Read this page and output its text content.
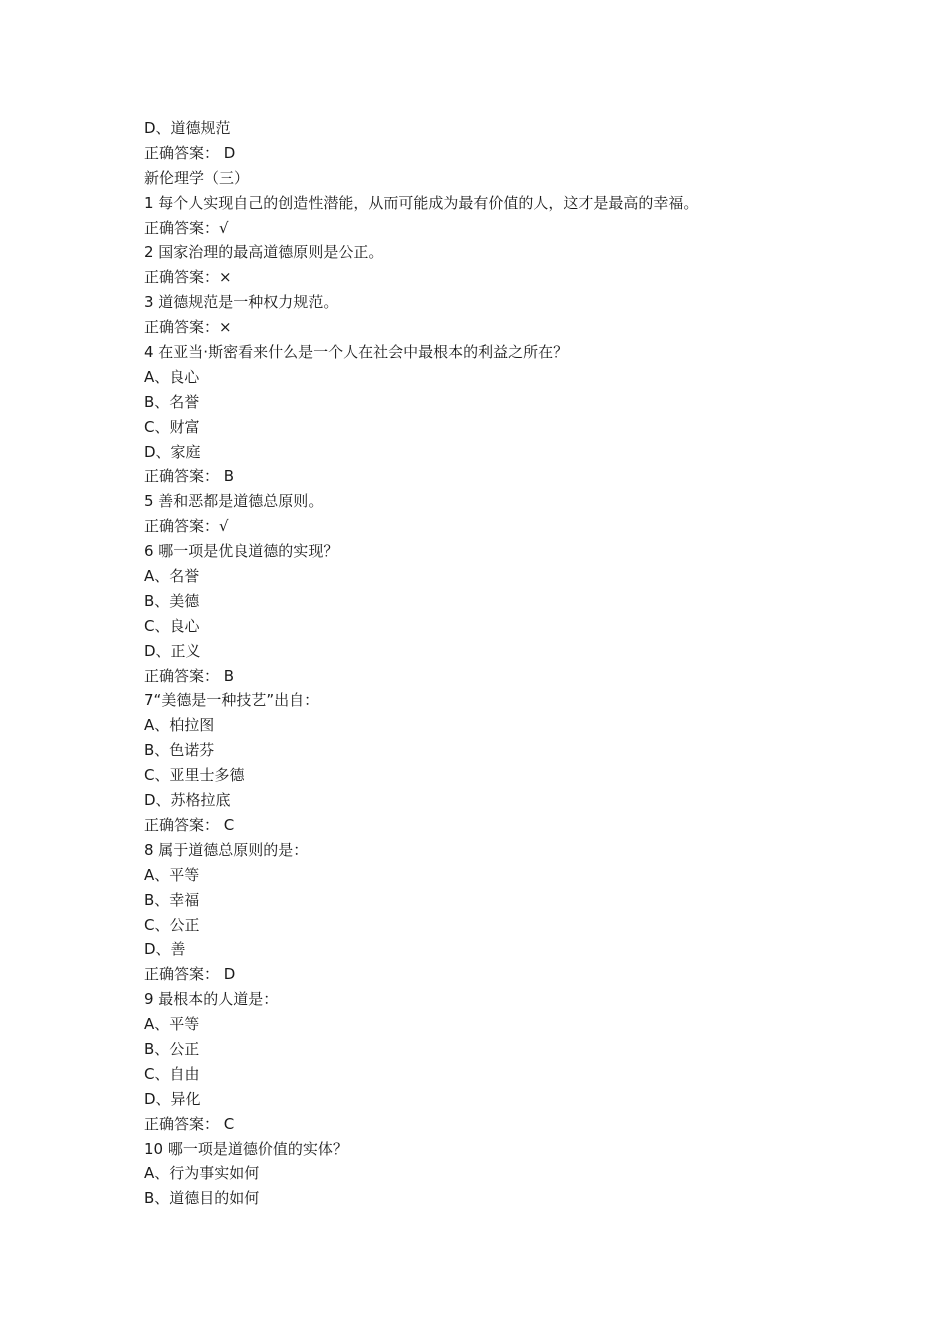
D、道德规范
正确答案： D
新伦理学（三）
1 每个人实现自己的创造性潜能，从而可能成为最有价值的人，这才是最高的幸福。
正确答案：√
2 国家治理的最高道德原则是公正。
正确答案：×
3 道德规范是一种权力规范。
正确答案：×
4 在亚当·斯密看来什么是一个人在社会中最根本的利益之所在？
A、良心
B、名誉
C、财富
D、家庭
正确答案： B
5 善和恶都是道德总原则。
正确答案：√
6 哪一项是优良道德的实现？
A、名誉
B、美德
C、良心
D、正义
正确答案： B
7“美德是一种技艺”出自：
A、柏拉图
B、色诺芬
C、亚里士多德
D、苏格拉底
正确答案： C
8 属于道德总原则的是：
A、平等
B、幸福
C、公正
D、善
正确答案： D
9 最根本的人道是：
A、平等
B、公正
C、自由
D、异化
正确答案： C
10 哪一项是道德价值的实体？
A、行为事实如何
B、道德目的如何
